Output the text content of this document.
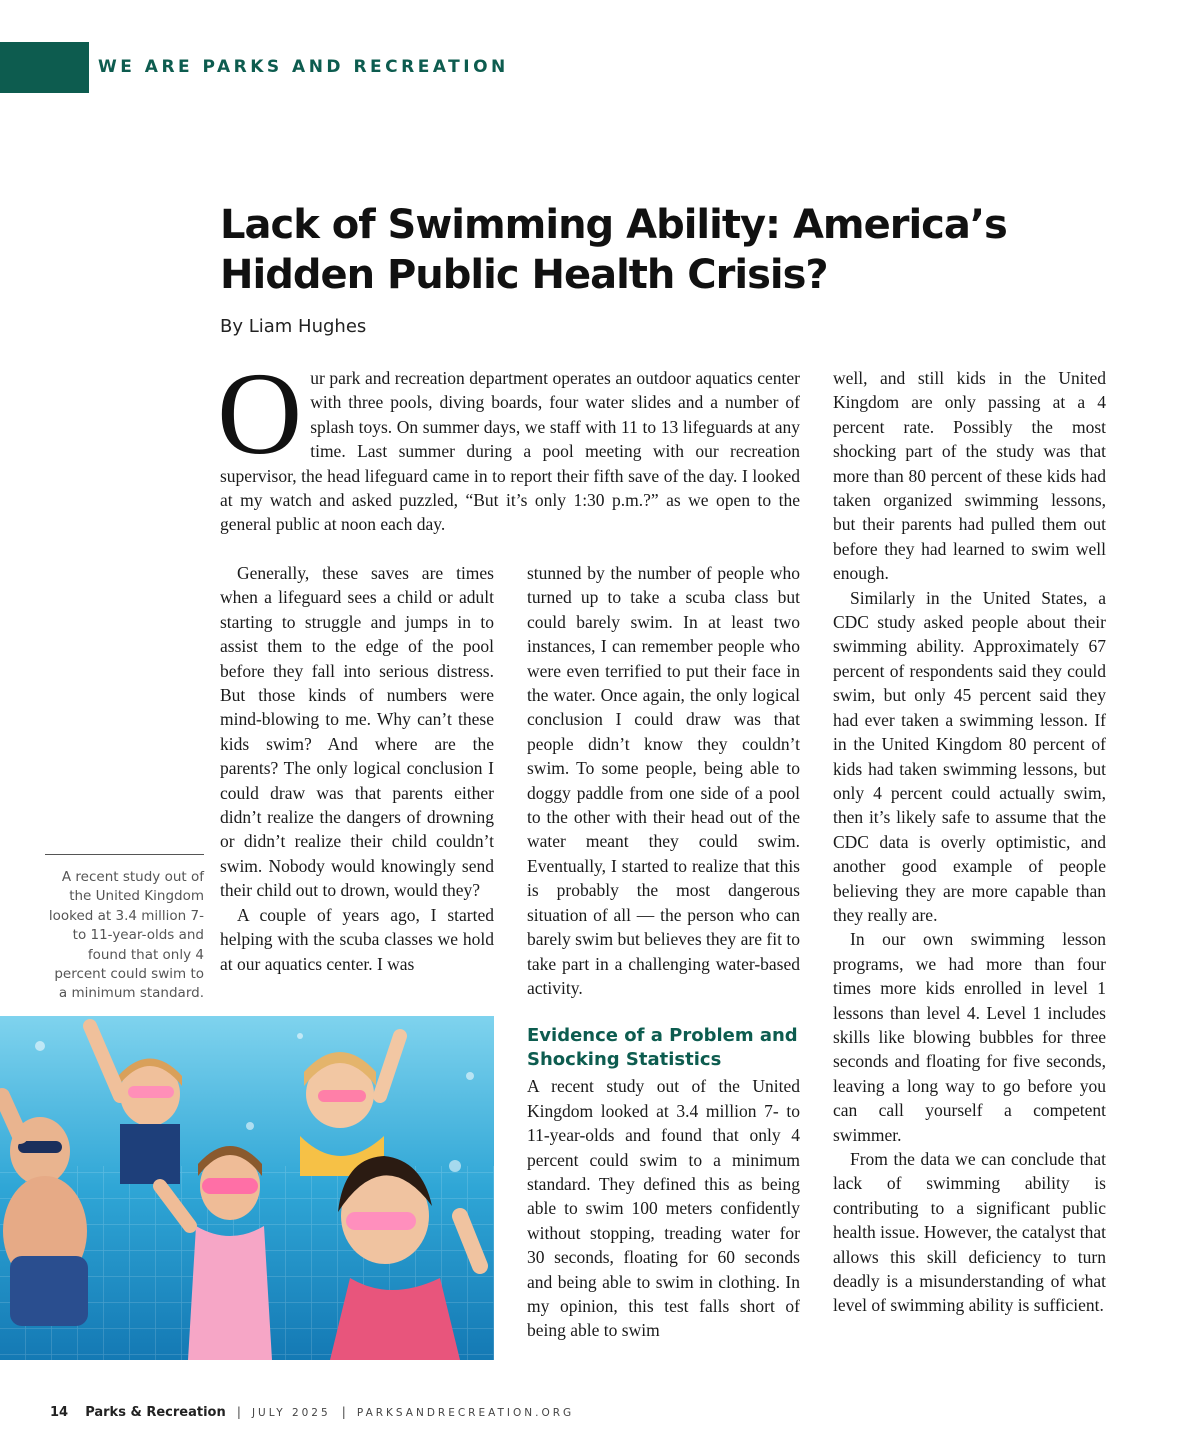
WE ARE PARKS AND RECREATION
Lack of Swimming Ability: America’s
Hidden Public Health Crisis?
By Liam Hughes
O ur park and recreation department operates an outdoor aquatics center with three pools, diving boards, four water slides and a number of splash toys. On summer days, we staff with 11 to 13 lifeguards at any time. Last summer during a pool meeting with our recreation supervisor, the head lifeguard came in to report their fifth save of the day. I looked at my watch and asked puzzled, “But it’s only 1:30 p.m.?” as we open to the general public at noon each day.

Generally, these saves are times when a lifeguard sees a child or adult starting to struggle and jumps in to assist them to the edge of the pool before they fall into serious distress. But those kinds of numbers were mind-blowing to me. Why can’t these kids swim? And where are the parents? The only logical conclusion I could draw was that parents either didn’t realize the dangers of drowning or didn’t realize their child couldn’t swim. Nobody would knowingly send their child out to drown, would they?

A couple of years ago, I started helping with the scuba classes we hold at our aquatics center. I was

stunned by the number of people who turned up to take a scuba class but could barely swim. In at least two instances, I can remember people who were even terrified to put their face in the water. Once again, the only logical conclusion I could draw was that people didn’t know they couldn’t swim. To some people, being able to doggy paddle from one side of a pool to the other with their head out of the water meant they could swim. Eventually, I started to realize that this is probably the most dangerous situation of all — the person who can barely swim but believes they are fit to take part in a challenging water-based activity.

Evidence of a Problem and Shocking Statistics

A recent study out of the United Kingdom looked at 3.4 million 7- to 11-year-olds and found that only 4 percent could swim to a minimum standard. They defined this as being able to swim 100 meters confidently without stopping, treading water for 30 seconds, floating for 60 seconds and being able to swim in clothing. In my opinion, this test falls short of being able to swim

well, and still kids in the United Kingdom are only passing at a 4 percent rate. Possibly the most shocking part of the study was that more than 80 percent of these kids had taken organized swimming lessons, but their parents had pulled them out before they had learned to swim well enough.

Similarly in the United States, a CDC study asked people about their swimming ability. Approximately 67 percent of respondents said they could swim, but only 45 percent said they had ever taken a swimming lesson. If in the United Kingdom 80 percent of kids had taken swimming lessons, but only 4 percent could actually swim, then it’s likely safe to assume that the CDC data is overly optimistic, and another good example of people believing they are more capable than they really are.

In our own swimming lesson programs, we had more than four times more kids enrolled in level 1 lessons than level 4. Level 1 includes skills like blowing bubbles for three seconds and floating for five seconds, leaving a long way to go before you can call yourself a competent swimmer.

From the data we can conclude that lack of swimming ability is contributing to a significant public health issue. However, the catalyst that allows this skill deficiency to turn deadly is a misunderstanding of what level of swimming ability is sufficient.

A recent study out of the United Kingdom looked at 3.4 million 7- to 11-year-olds and found that only 4 percent could swim to a minimum standard.

14 Parks & Recreation | JULY 2025 | PARKSANDRECREATION.ORG
